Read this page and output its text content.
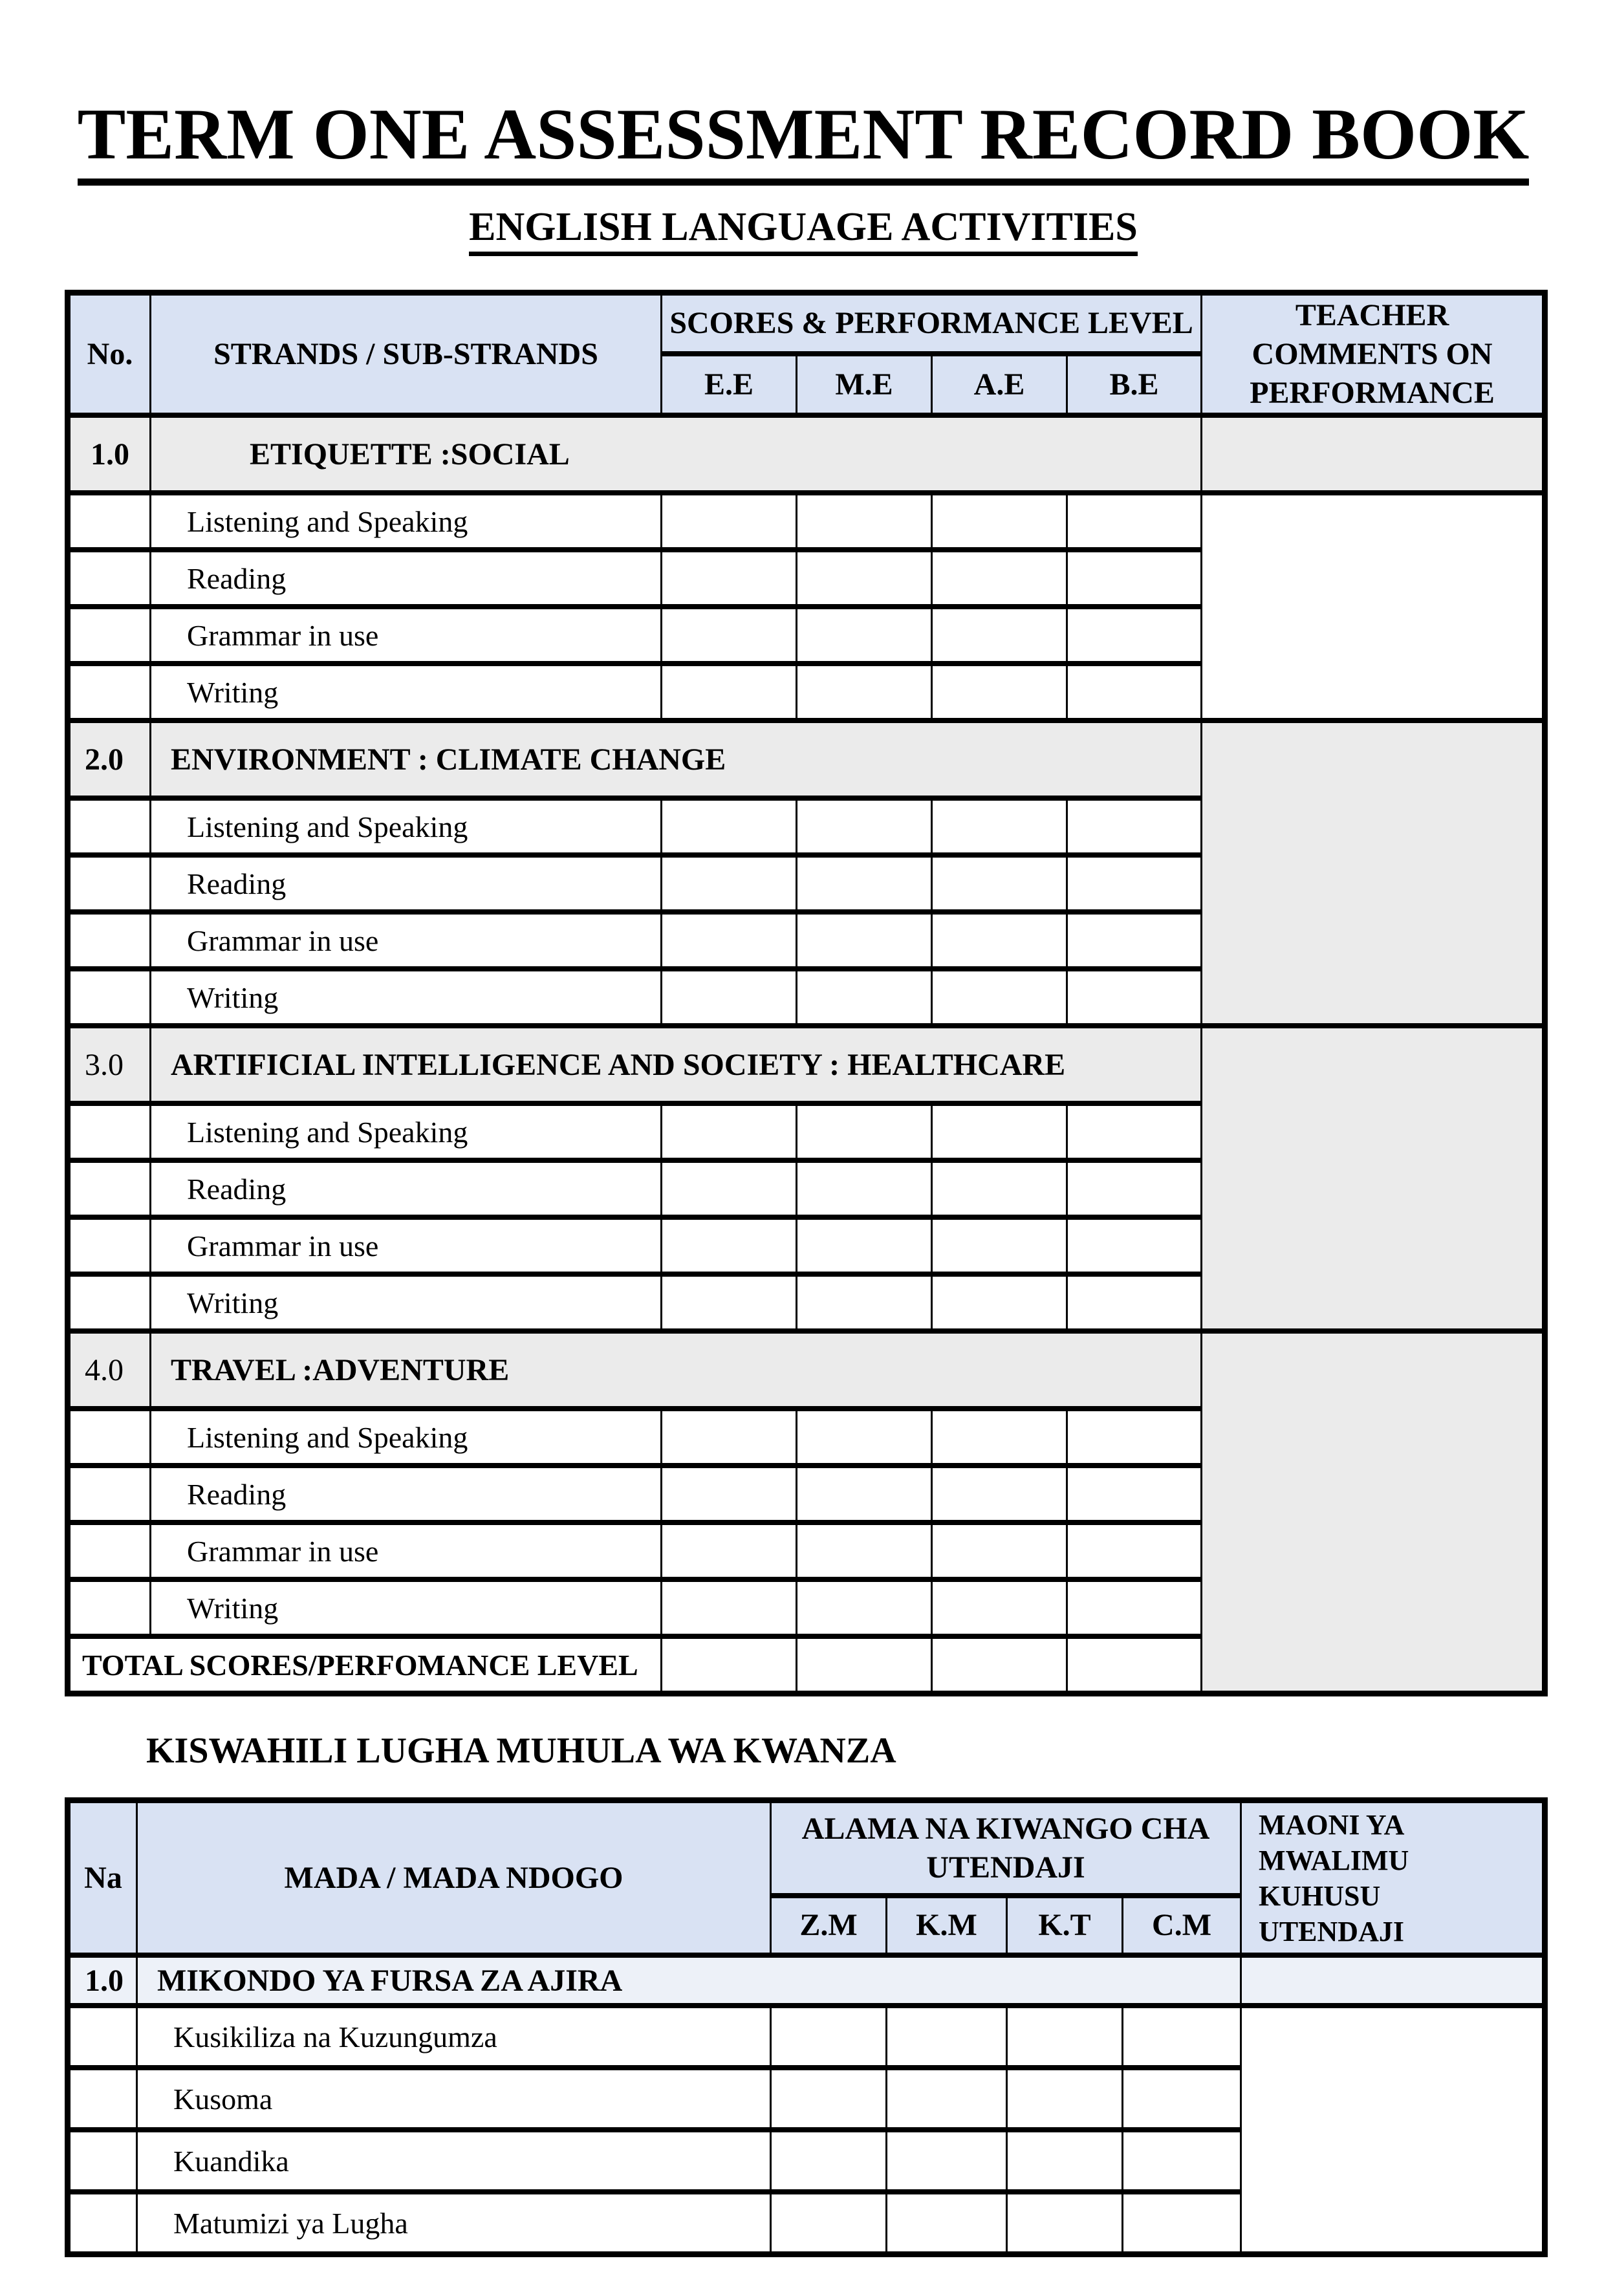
TERM ONE ASSESSMENT RECORD BOOK
ENGLISH LANGUAGE ACTIVITIES
No.	STRANDS / SUB-STRANDS	SCORES & PERFORMANCE LEVEL				TEACHER COMMENTS ON PERFORMANCE
		E.E	M.E	A.E	B.E	
1.0	ETIQUETTE :SOCIAL					
	Listening and Speaking					
	Reading					
	Grammar in use					
	Writing					
2.0	ENVIRONMENT : CLIMATE CHANGE					
	Listening and Speaking					
	Reading					
	Grammar in use					
	Writing					
3.0	ARTIFICIAL INTELLIGENCE AND SOCIETY : HEALTHCARE					
	Listening and Speaking					
	Reading					
	Grammar in use					
	Writing					
4.0	TRAVEL :ADVENTURE					
	Listening and Speaking					
	Reading					
	Grammar in use					
	Writing					
TOTAL SCORES/PERFOMANCE LEVEL						
KISWAHILI LUGHA MUHULA WA KWANZA
Na	MADA / MADA NDOGO	ALAMA NA KIWANGO CHA UTENDAJI				MAONI YA MWALIMU KUHUSU UTENDAJI
		Z.M	K.M	K.T	C.M	
1.0	MIKONDO YA FURSA ZA AJIRA					
	Kusikiliza na Kuzungumza					
	Kusoma					
	Kuandika					
	Matumizi ya Lugha					
